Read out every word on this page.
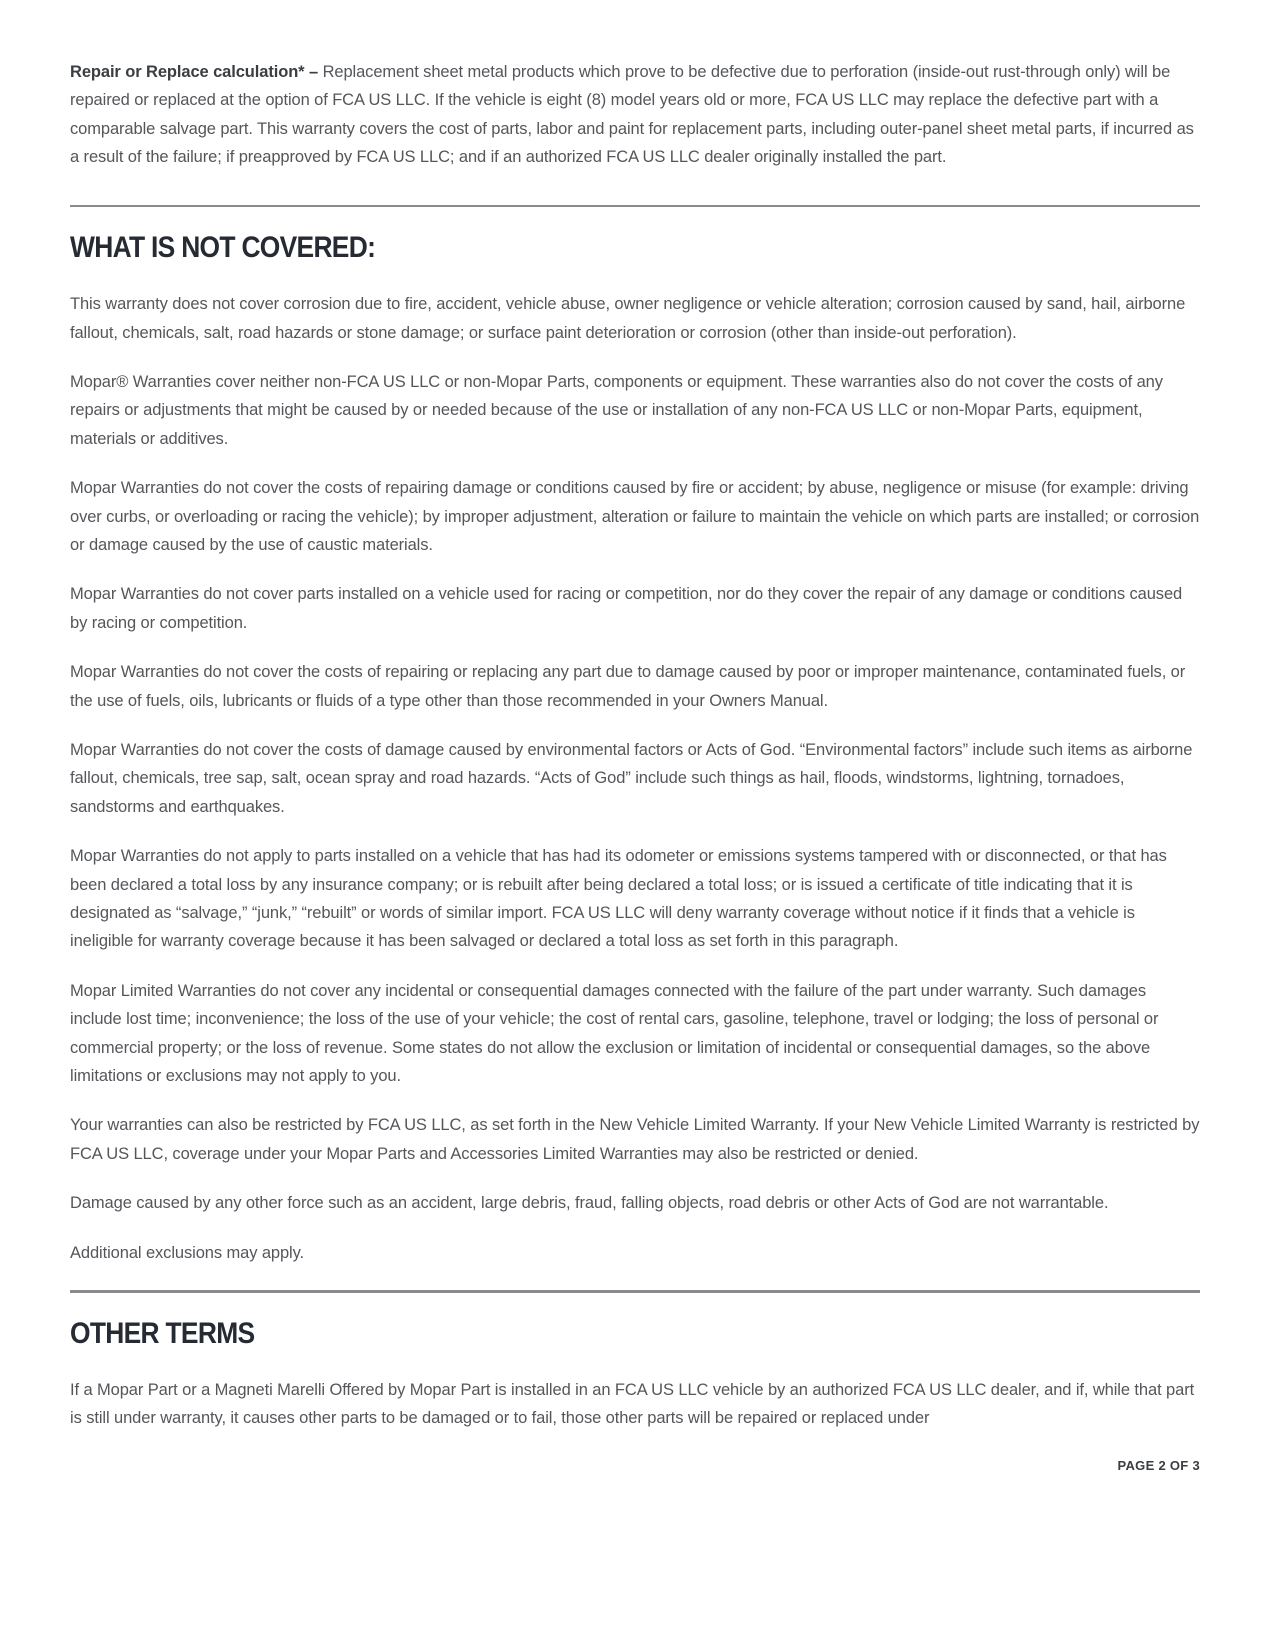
Repair or Replace calculation* – Replacement sheet metal products which prove to be defective due to perforation (inside-out rust-through only) will be repaired or replaced at the option of FCA US LLC. If the vehicle is eight (8) model years old or more, FCA US LLC may replace the defective part with a comparable salvage part. This warranty covers the cost of parts, labor and paint for replacement parts, including outer-panel sheet metal parts, if incurred as a result of the failure; if preapproved by FCA US LLC; and if an authorized FCA US LLC dealer originally installed the part.

WHAT IS NOT COVERED:

This warranty does not cover corrosion due to fire, accident, vehicle abuse, owner negligence or vehicle alteration; corrosion caused by sand, hail, airborne fallout, chemicals, salt, road hazards or stone damage; or surface paint deterioration or corrosion (other than inside-out perforation).

Mopar® Warranties cover neither non-FCA US LLC or non-Mopar Parts, components or equipment. These warranties also do not cover the costs of any repairs or adjustments that might be caused by or needed because of the use or installation of any non-FCA US LLC or non-Mopar Parts, equipment, materials or additives.

Mopar Warranties do not cover the costs of repairing damage or conditions caused by fire or accident; by abuse, negligence or misuse (for example: driving over curbs, or overloading or racing the vehicle); by improper adjustment, alteration or failure to maintain the vehicle on which parts are installed; or corrosion or damage caused by the use of caustic materials.

Mopar Warranties do not cover parts installed on a vehicle used for racing or competition, nor do they cover the repair of any damage or conditions caused by racing or competition.

Mopar Warranties do not cover the costs of repairing or replacing any part due to damage caused by poor or improper maintenance, contaminated fuels, or the use of fuels, oils, lubricants or fluids of a type other than those recommended in your Owners Manual.

Mopar Warranties do not cover the costs of damage caused by environmental factors or Acts of God. “Environmental factors” include such items as airborne fallout, chemicals, tree sap, salt, ocean spray and road hazards. “Acts of God” include such things as hail, floods, windstorms, lightning, tornadoes, sandstorms and earthquakes.

Mopar Warranties do not apply to parts installed on a vehicle that has had its odometer or emissions systems tampered with or disconnected, or that has been declared a total loss by any insurance company; or is rebuilt after being declared a total loss; or is issued a certificate of title indicating that it is designated as “salvage,” “junk,” “rebuilt” or words of similar import. FCA US LLC will deny warranty coverage without notice if it finds that a vehicle is ineligible for warranty coverage because it has been salvaged or declared a total loss as set forth in this paragraph.

Mopar Limited Warranties do not cover any incidental or consequential damages connected with the failure of the part under warranty. Such damages include lost time; inconvenience; the loss of the use of your vehicle; the cost of rental cars, gasoline, telephone, travel or lodging; the loss of personal or commercial property; or the loss of revenue. Some states do not allow the exclusion or limitation of incidental or consequential damages, so the above limitations or exclusions may not apply to you.

Your warranties can also be restricted by FCA US LLC, as set forth in the New Vehicle Limited Warranty. If your New Vehicle Limited Warranty is restricted by FCA US LLC, coverage under your Mopar Parts and Accessories Limited Warranties may also be restricted or denied.

Damage caused by any other force such as an accident, large debris, fraud, falling objects, road debris or other Acts of God are not warrantable.

Additional exclusions may apply.

OTHER TERMS

If a Mopar Part or a Magneti Marelli Offered by Mopar Part is installed in an FCA US LLC vehicle by an authorized FCA US LLC dealer, and if, while that part is still under warranty, it causes other parts to be damaged or to fail, those other parts will be repaired or replaced under

PAGE 2 OF 3
